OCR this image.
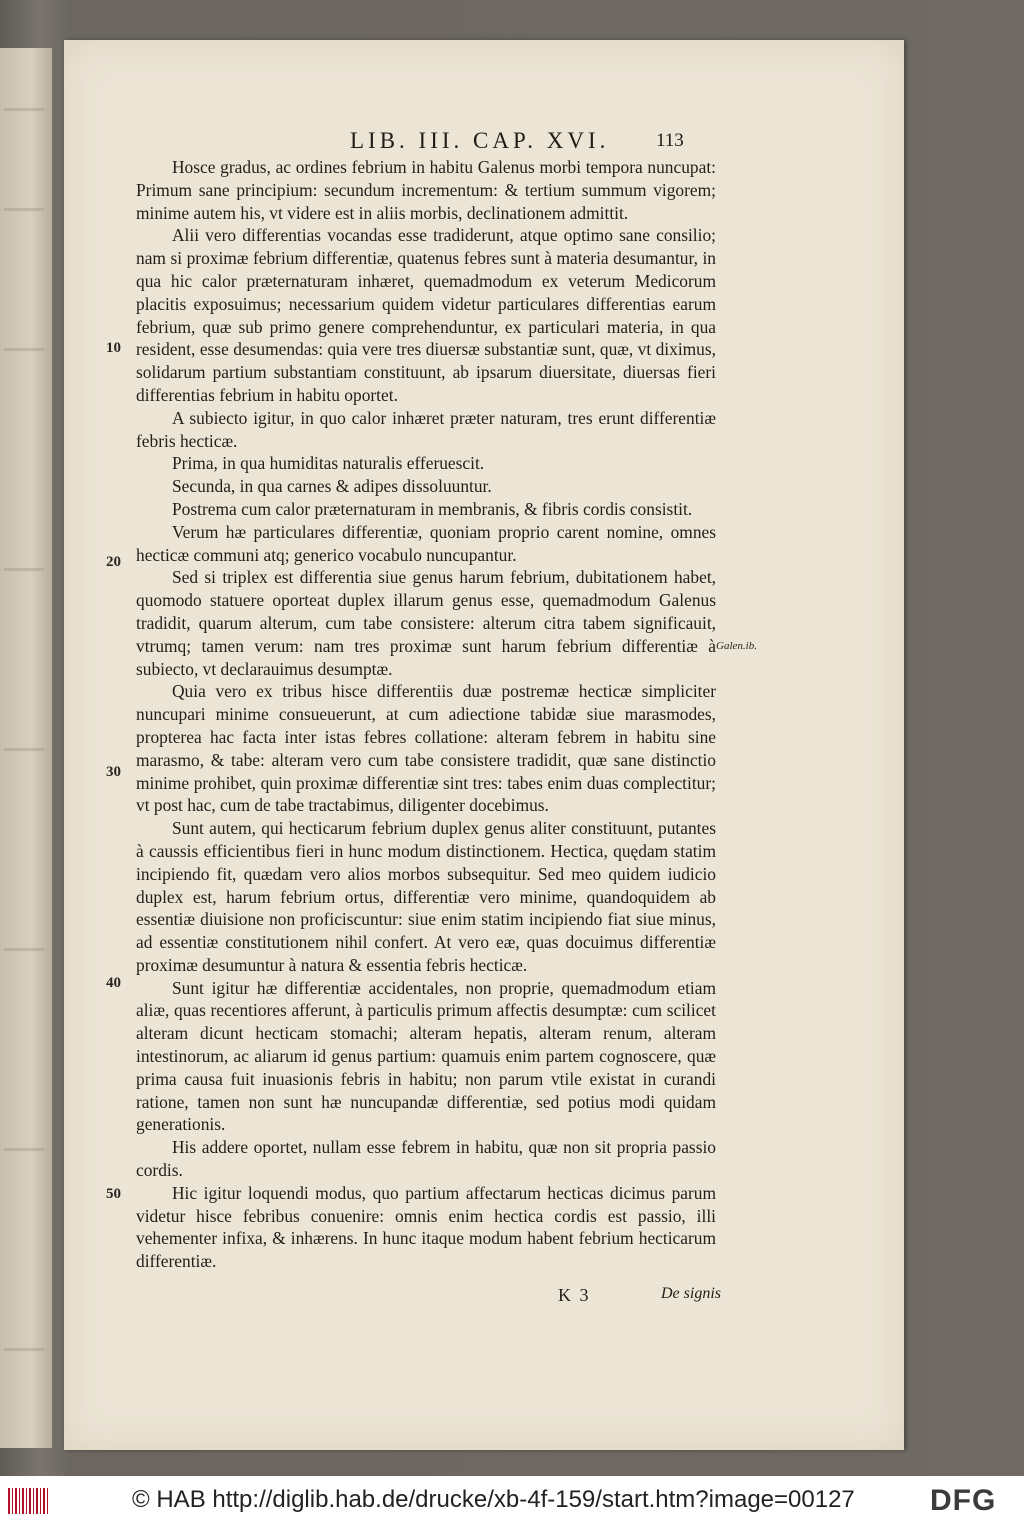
LIB. III. CAP. XVI. 113
10
20
30
40
50
Galen.ib.

Hosce gradus, ac ordines febrium in habitu Galenus morbi tempora nuncupat: Primum sane principium: secundum incrementum: & tertium summum vigorem; minime autem his, vt videre est in aliis morbis, declinationem admittit.

Alii vero differentias vocandas esse tradiderunt, atque optimo sane consilio; nam si proximæ febrium differentiæ, quatenus febres sunt à materia desumantur, in qua hic calor præternaturam inhæret, quemadmodum ex veterum Medicorum placitis exposuimus; necessarium quidem videtur particulares differentias earum febrium, quæ sub primo genere comprehenduntur, ex particulari materia, in qua resident, esse desumendas: quia vere tres diuersæ substantiæ sunt, quæ, vt diximus, solidarum partium substantiam constituunt, ab ipsarum diuersitate, diuersas fieri differentias febrium in habitu oportet.

A subiecto igitur, in quo calor inhæret præter naturam, tres erunt differentiæ febris hecticæ.

Prima, in qua humiditas naturalis efferuescit.

Secunda, in qua carnes & adipes dissoluuntur.

Postrema cum calor præternaturam in membranis, & fibris cordis consistit.

Verum hæ particulares differentiæ, quoniam proprio carent nomine, omnes hecticæ communi atq; generico vocabulo nuncupantur.

Sed si triplex est differentia siue genus harum febrium, dubitationem habet, quomodo statuere oporteat duplex illarum genus esse, quemadmodum Galenus tradidit, quarum alterum, cum tabe consistere: alterum citra tabem significauit, vtrumq; tamen verum: nam tres proximæ sunt harum febrium differentiæ à subiecto, vt declarauimus desumptæ.

Quia vero ex tribus hisce differentiis duæ postremæ hecticæ simpliciter nuncupari minime consueuerunt, at cum adiectione tabidæ siue marasmodes, propterea hac facta inter istas febres collatione: alteram febrem in habitu sine marasmo, & tabe: alteram vero cum tabe consistere tradidit, quæ sane distinctio minime prohibet, quin proximæ differentiæ sint tres: tabes enim duas complectitur; vt post hac, cum de tabe tractabimus, diligenter docebimus.

Sunt autem, qui hecticarum febrium duplex genus aliter constituunt, putantes à caussis efficientibus fieri in hunc modum distinctionem. Hectica, quędam statim incipiendo fit, quædam vero alios morbos subsequitur. Sed meo quidem iudicio duplex est, harum febrium ortus, differentiæ vero minime, quandoquidem ab essentiæ diuisione non proficiscuntur: siue enim statim incipiendo fiat siue minus, ad essentiæ constitutionem nihil confert. At vero eæ, quas docuimus differentiæ proximæ desumuntur à natura & essentia febris hecticæ.

Sunt igitur hæ differentiæ accidentales, non proprie, quemadmodum etiam aliæ, quas recentiores afferunt, à particulis primum affectis desumptæ: cum scilicet alteram dicunt hecticam stomachi; alteram hepatis, alteram renum, alteram intestinorum, ac aliarum id genus partium: quamuis enim partem cognoscere, quæ prima causa fuit inuasionis febris in habitu; non parum vtile existat in curandi ratione, tamen non sunt hæ nuncupandæ differentiæ, sed potius modi quidam generationis.

His addere oportet, nullam esse febrem in habitu, quæ non sit propria passio cordis.

Hic igitur loquendi modus, quo partium affectarum hecticas dicimus parum videtur hisce febribus conuenire: omnis enim hectica cordis est passio, illi vehementer infixa, & inhærens. In hunc itaque modum habent febrium hecticarum differentiæ.

K 3	De signis
© HAB http://diglib.hab.de/drucke/xb-4f-159/start.htm?image=00127	DFG
